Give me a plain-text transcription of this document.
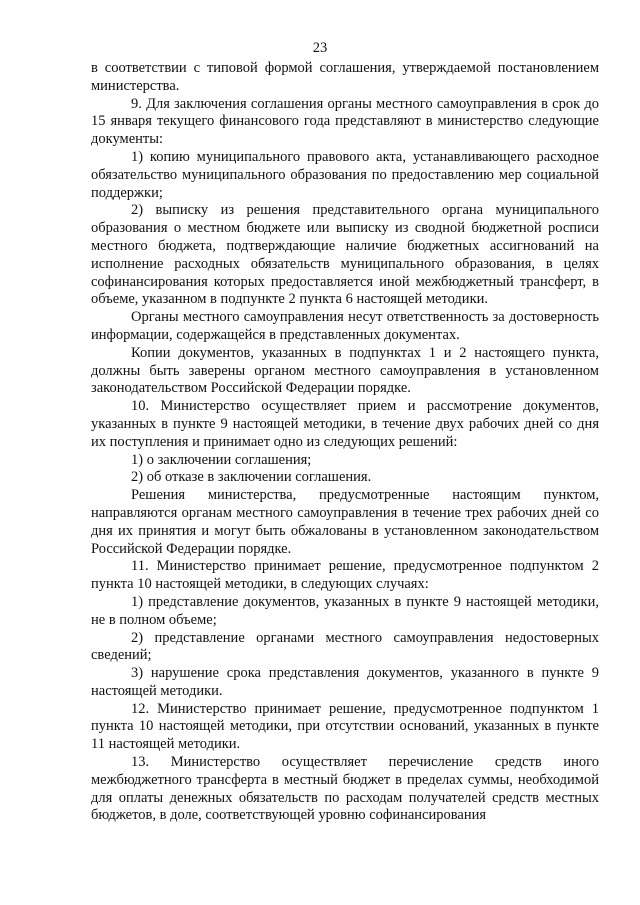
23

в соответствии с типовой формой соглашения, утверждаемой постановлением министерства.

9. Для заключения соглашения органы местного самоуправления в срок до 15 января текущего финансового года представляют в министерство следующие документы:

1) копию муниципального правового акта, устанавливающего расходное обязательство муниципального образования по предоставлению мер социальной поддержки;

2) выписку из решения представительного органа муниципального образования о местном бюджете или выписку из сводной бюджетной росписи местного бюджета, подтверждающие наличие бюджетных ассигнований на исполнение расходных обязательств муниципального образования, в целях софинансирования которых предоставляется иной межбюджетный трансферт, в объеме, указанном в подпункте 2 пункта 6 настоящей методики.

Органы местного самоуправления несут ответственность за достоверность информации, содержащейся в представленных документах.

Копии документов, указанных в подпунктах 1 и 2 настоящего пункта, должны быть заверены органом местного самоуправления в установленном законодательством Российской Федерации порядке.

10. Министерство осуществляет прием и рассмотрение документов, указанных в пункте 9 настоящей методики, в течение двух рабочих дней со дня их поступления и принимает одно из следующих решений:

1) о заключении соглашения;

2) об отказе в заключении соглашения.

Решения министерства, предусмотренные настоящим пунктом, направляются органам местного самоуправления в течение трех рабочих дней со дня их принятия и могут быть обжалованы в установленном законодательством Российской Федерации порядке.

11. Министерство принимает решение, предусмотренное подпунктом 2 пункта 10 настоящей методики, в следующих случаях:

1) представление документов, указанных в пункте 9 настоящей методики, не в полном объеме;

2) представление органами местного самоуправления недостоверных сведений;

3) нарушение срока представления документов, указанного в пункте 9 настоящей методики.

12. Министерство принимает решение, предусмотренное подпунктом 1 пункта 10 настоящей методики, при отсутствии оснований, указанных в пункте 11 настоящей методики.

13. Министерство осуществляет перечисление средств иного межбюджетного трансферта в местный бюджет в пределах суммы, необходимой для оплаты денежных обязательств по расходам получателей средств местных бюджетов, в доле, соответствующей уровню софинансирования
